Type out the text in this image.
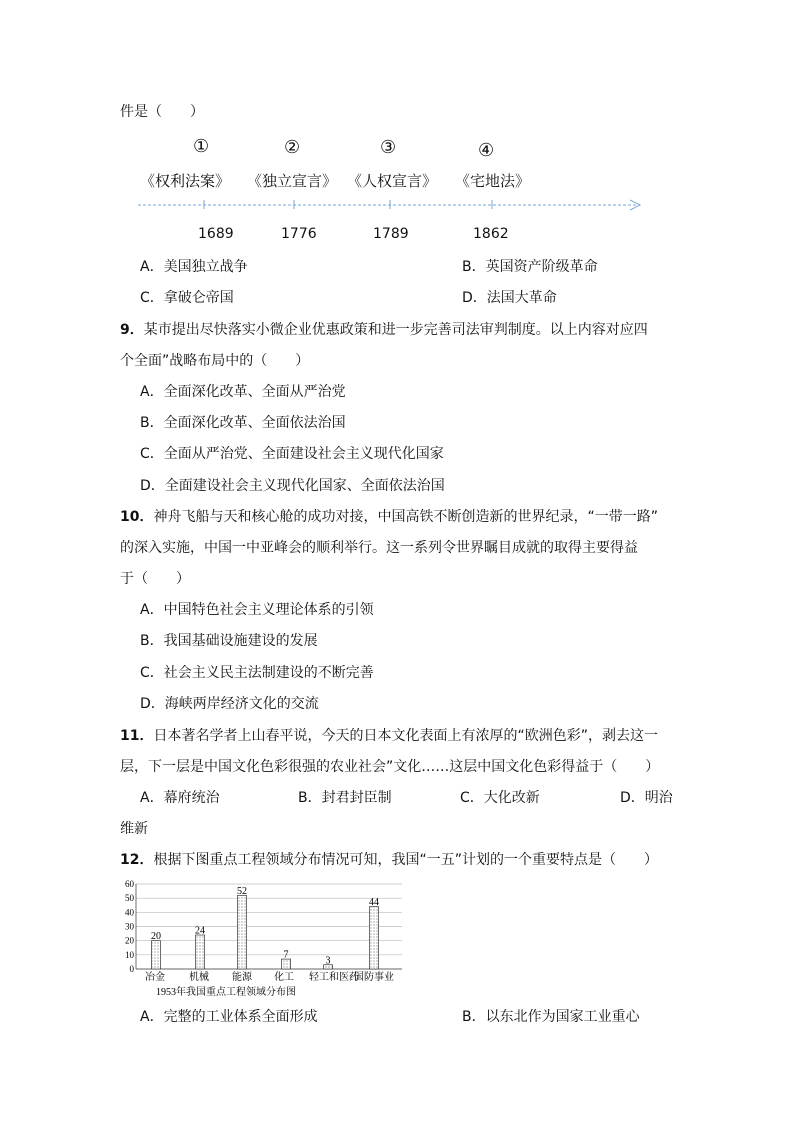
件是（　　）
①	②	③	④
《权利法案》 《独立宣言》 《人权宣言》 《宅地法》
1689	1776	1789	1862
A．美国独立战争	B．英国资产阶级革命
C．拿破仑帝国	D．法国大革命
9．某市提出尽快落实小微企业优惠政策和进一步完善司法审判制度。以上内容对应四
个全面”战略布局中的（　　）
A．全面深化改革、全面从严治党
B．全面深化改革、全面依法治国
C．全面从严治党、全面建设社会主义现代化国家
D．全面建设社会主义现代化国家、全面依法治国
10．神舟飞船与天和核心舱的成功对接，中国高铁不断创造新的世界纪录，“一带一路”
的深入实施，中国一中亚峰会的顺利举行。这一系列令世界瞩目成就的取得主要得益
于（　　）
A．中国特色社会主义理论体系的引领
B．我国基础设施建设的发展
C．社会主义民主法制建设的不断完善
D．海峡两岸经济文化的交流
11．日本著名学者上山春平说，今天的日本文化表面上有浓厚的“欧洲色彩”，剥去这一
层，下一层是中国文化色彩很强的农业社会”文化……这层中国文化色彩得益于（　　）
A．幕府统治	B．封君封臣制	C．大化改新	D．明治
维新
12．根据下图重点工程领域分布情况可知，我国“一五”计划的一个重要特点是（　　）
0
10
20
30
40
50
60
20
24
52
7
3
44
冶金 机械 能源 化工 轻工和医药
国防事业
1953年我国重点工程领域分布图
A．完整的工业体系全面形成	B．以东北作为国家工业重心
